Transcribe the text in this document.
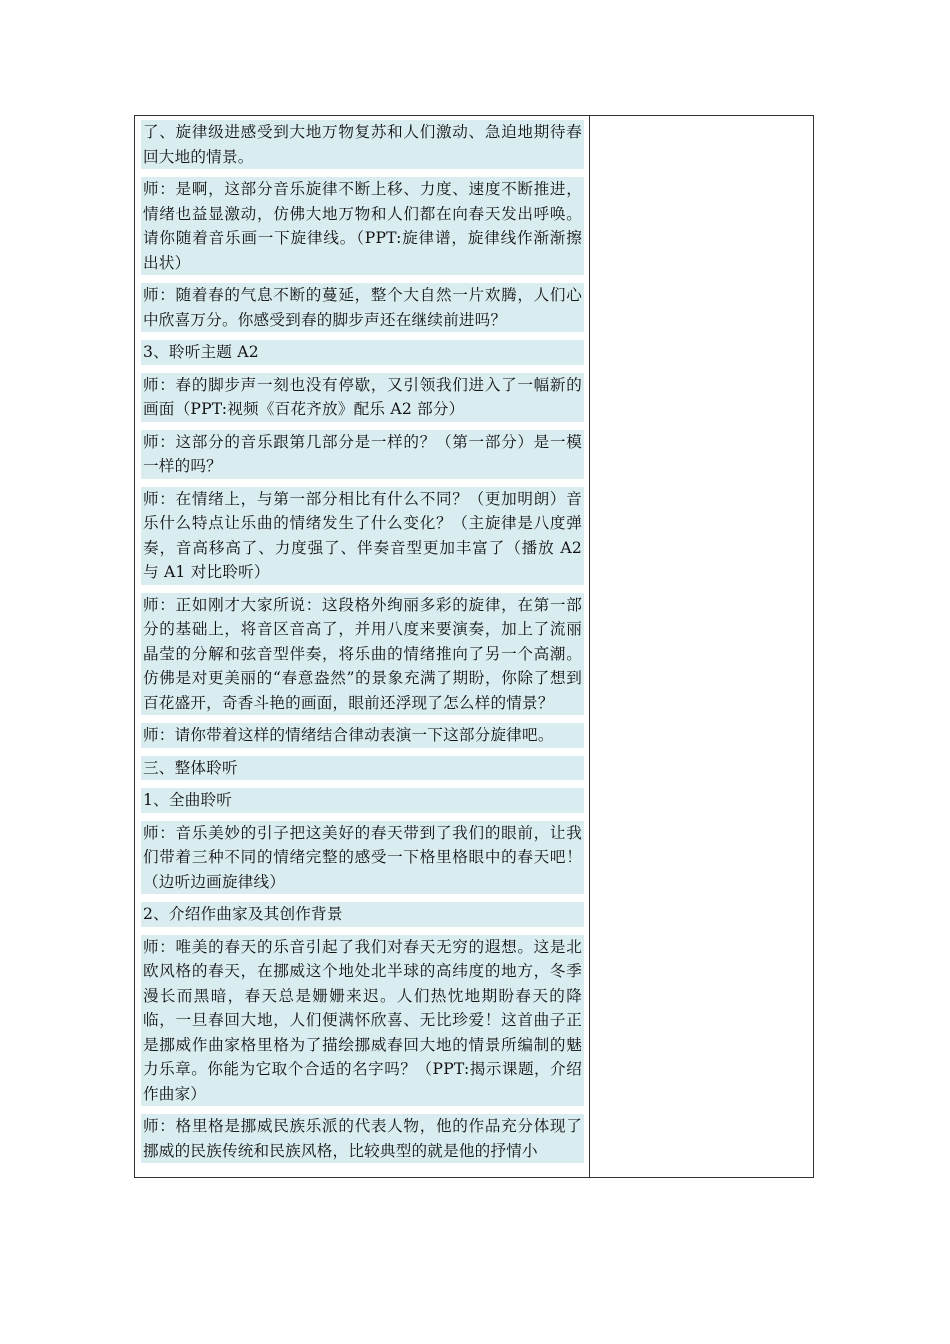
了、旋律级进感受到大地万物复苏和人们激动、急迫地期待春回大地的情景。

师：是啊，这部分音乐旋律不断上移、力度、速度不断推进，情绪也益显激动，仿佛大地万物和人们都在向春天发出呼唤。请你随着音乐画一下旋律线。（PPT:旋律谱，旋律线作渐渐擦出状）

师：随着春的气息不断的蔓延，整个大自然一片欢腾，人们心中欣喜万分。你感受到春的脚步声还在继续前进吗？

3、聆听主题 A2

师：春的脚步声一刻也没有停歇，又引领我们进入了一幅新的画面（PPT:视频《百花齐放》配乐 A2 部分）

师：这部分的音乐跟第几部分是一样的？（第一部分）是一模一样的吗？

师：在情绪上，与第一部分相比有什么不同？（更加明朗）音乐什么特点让乐曲的情绪发生了什么变化？（主旋律是八度弹奏，音高移高了、力度强了、伴奏音型更加丰富了（播放 A2 与 A1 对比聆听）

师：正如刚才大家所说：这段格外绚丽多彩的旋律，在第一部分的基础上，将音区音高了，并用八度来要演奏，加上了流丽晶莹的分解和弦音型伴奏，将乐曲的情绪推向了另一个高潮。仿佛是对更美丽的“春意盎然”的景象充满了期盼，你除了想到百花盛开，奇香斗艳的画面，眼前还浮现了怎么样的情景？

师：请你带着这样的情绪结合律动表演一下这部分旋律吧。

三、整体聆听

1、全曲聆听

师：音乐美妙的引子把这美好的春天带到了我们的眼前，让我们带着三种不同的情绪完整的感受一下格里格眼中的春天吧！（边听边画旋律线）

2、介绍作曲家及其创作背景

师：唯美的春天的乐音引起了我们对春天无穷的遐想。这是北欧风格的春天，在挪威这个地处北半球的高纬度的地方，冬季漫长而黑暗，春天总是姗姗来迟。人们热忱地期盼春天的降临，一旦春回大地，人们便满怀欣喜、无比珍爱！这首曲子正是挪威作曲家格里格为了描绘挪威春回大地的情景所编制的魅力乐章。你能为它取个合适的名字吗？（PPT:揭示课题，介绍作曲家）

师：格里格是挪威民族乐派的代表人物，他的作品充分体现了挪威的民族传统和民族风格，比较典型的就是他的抒情小
